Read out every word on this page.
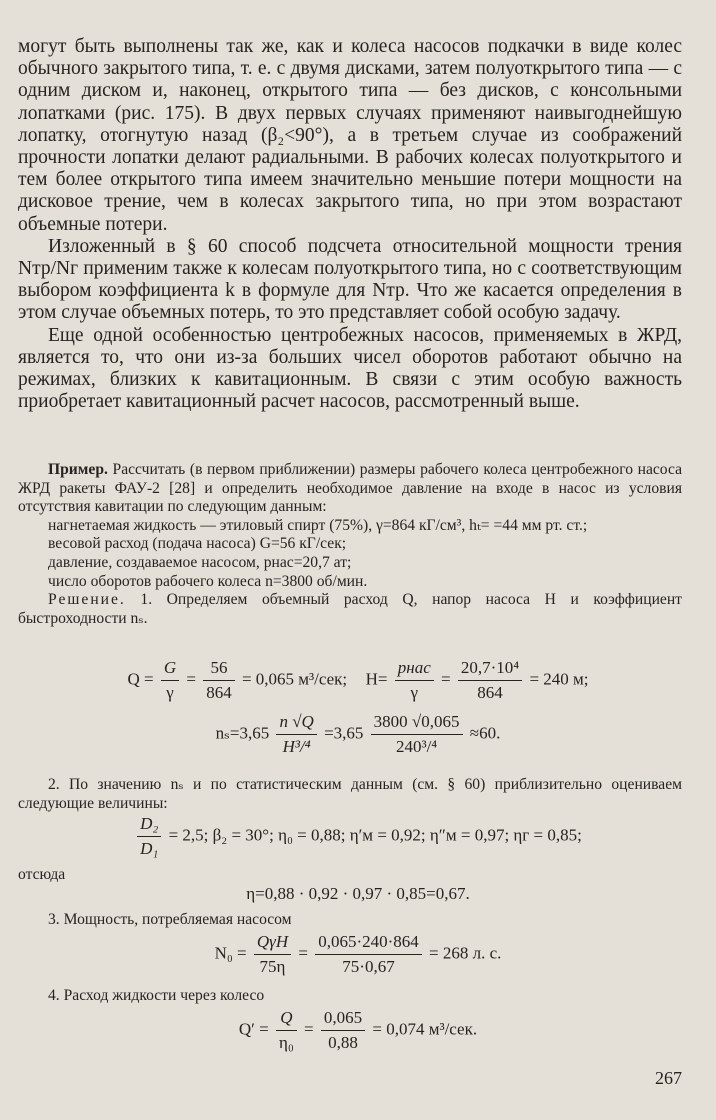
могут быть выполнены так же, как и колеса насосов подкачки в виде колес обычного закрытого типа, т. е. с двумя дисками, затем полуоткрытого типа — с одним диском и, наконец, открытого типа — без дисков, с консольными лопатками (рис. 175). В двух первых случаях применяют наивыгоднейшую лопатку, отогнутую назад (β₂<90°), а в третьем случае из соображений прочности лопатки делают радиальными. В рабочих колесах полуоткрытого и тем более открытого типа имеем значительно меньшие потери мощности на дисковое трение, чем в колесах закрытого типа, но при этом возрастают объемные потери.

Изложенный в § 60 способ подсчета относительной мощности трения Nтр/Nг применим также к колесам полуоткрытого типа, но с соответствующим выбором коэффициента k в формуле для Nтр. Что же касается определения в этом случае объемных потерь, то это представляет собой особую задачу.

Еще одной особенностью центробежных насосов, применяемых в ЖРД, является то, что они из-за больших чисел оборотов работают обычно на режимах, близких к кавитационным. В связи с этим особую важность приобретает кавитационный расчет насосов, рассмотренный выше.

Пример. Рассчитать (в первом приближении) размеры рабочего колеса центробежного насоса ЖРД ракеты ФАУ-2 [28] и определить необходимое давление на входе в насос из условия отсутствия кавитации по следующим данным:

нагнетаемая жидкость — этиловый спирт (75%), γ=864 кГ/см³, hₜ= =44 мм рт. ст.;

весовой расход (подача насоса) G=56 кГ/сек;

давление, создаваемое насосом, pнас=20,7 ат;

число оборотов рабочего колеса n=3800 об/мин.

Решение. 1. Определяем объемный расход Q, напор насоса H и коэффициент быстроходности nₛ.

$Q = \frac{G}{\gamma} = \frac{56}{864} = 0,065$ м³/сек; $H= \frac{\text{pнас}}{\gamma} = \frac{\text{20,7·10⁴}}{864} = 240$ м;
$n_s=3,65 \frac{n √Q}{\text{H³/⁴}} =3,65 \frac{3800 √0,065}{\text{240³/⁴}} \approx 60$.

2. По значению nₛ и по статистическим данным (см. § 60) приблизительно оцениваем следующие величины:

$\frac{\text{D₂}}{\text{D₁}} = 2,5$; β₂ = 30°; η₀ = 0,88; η′м = 0,92; η″м = 0,97; ηг = 0,85;

отсюда

η=0,88 · 0,92 · 0,97 · 0,85=0,67.

3. Мощность, потребляемая насосом

$N_0 = \frac{\text{QγH}}{75\eta} = \frac{0,065\cdot 240\cdot 864}{75\cdot 0,67} = 268$ л. с.

4. Расход жидкости через колесо

$Q' = \frac{Q}{\text{η₀}} = \frac{0,065}{0,88} = 0,074$ м³/сек.
267
